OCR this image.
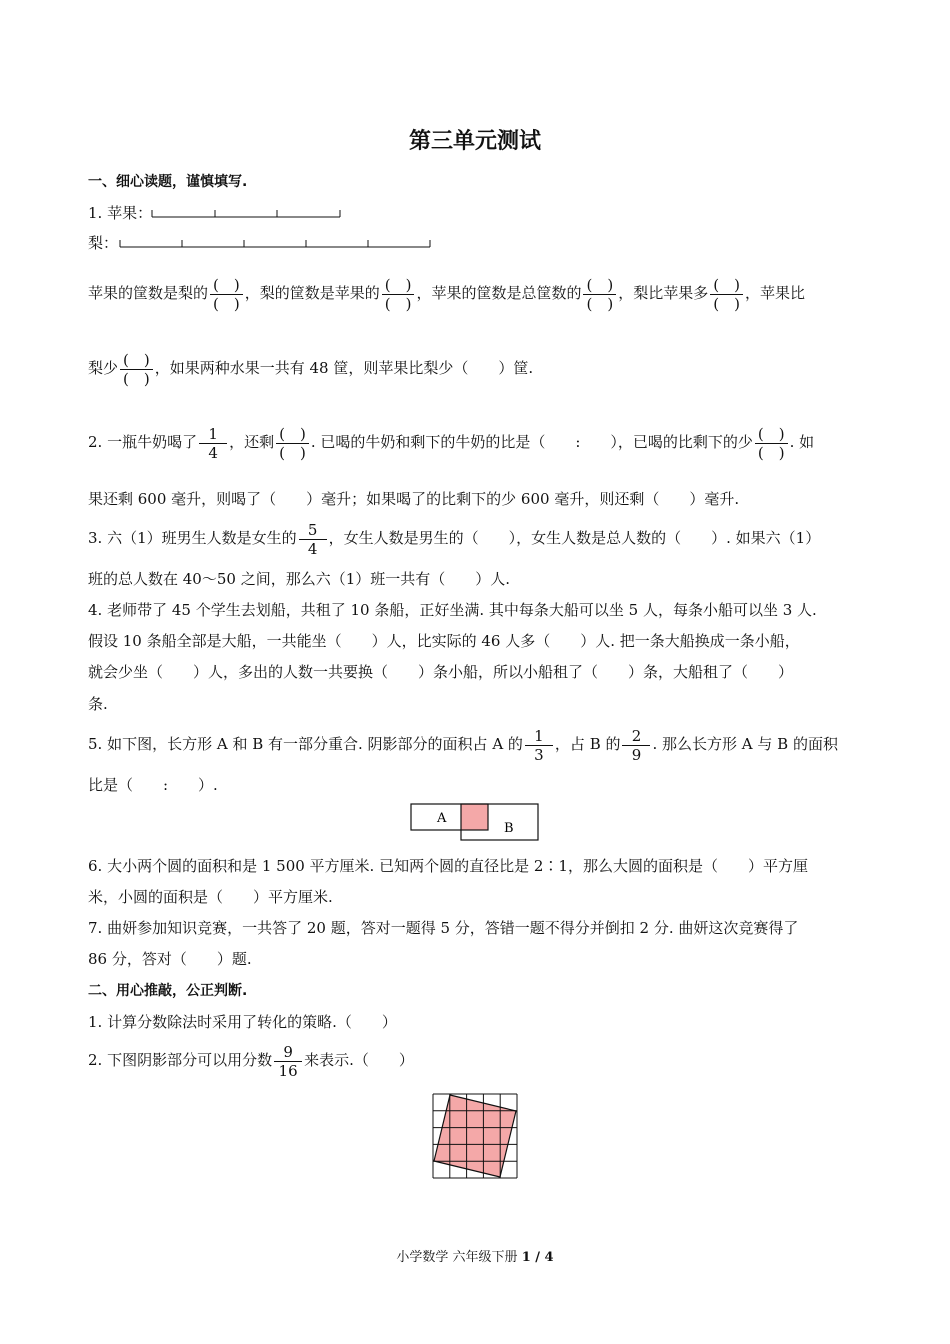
第三单元测试
一、细心读题，谨慎填写.
1. 苹果：
梨：
苹果的筐数是梨的 $\frac{( )}{( )}$ ，梨的筐数是苹果的 $\frac{( )}{( )}$ ，苹果的筐数是总筐数的 $\frac{( )}{( )}$ ，梨比苹果多 $\frac{( )}{( )}$ ，苹果比
梨少 $\frac{( )}{( )}$ ，如果两种水果一共有 48 筐，则苹果比梨少（　　）筐.
2. 一瓶牛奶喝了 $\frac{1}{4}$ ，还剩 $\frac{( )}{( )}$ . 已喝的牛奶和剩下的牛奶的比是（　　:　　），已喝的比剩下的少 $\frac{( )}{( )}$ . 如
果还剩 600 毫升，则喝了（　　）毫升；如果喝了的比剩下的少 600 毫升，则还剩（　　）毫升.
3. 六（1）班男生人数是女生的 $\frac{5}{4}$ ，女生人数是男生的（　　），女生人数是总人数的（　　）. 如果六（1）
班的总人数在 40～50 之间，那么六（1）班一共有（　　）人.
4. 老师带了 45 个学生去划船，共租了 10 条船，正好坐满. 其中每条大船可以坐 5 人，每条小船可以坐 3 人.
假设 10 条船全部是大船，一共能坐（　　）人，比实际的 46 人多（　　）人. 把一条大船换成一条小船，
就会少坐（　　）人，多出的人数一共要换（　　）条小船，所以小船租了（　　）条，大船租了（　　）
条.
5. 如下图，长方形 A 和 B 有一部分重合. 阴影部分的面积占 A 的 $\frac{1}{3}$ ，占 B 的 $\frac{2}{9}$ . 那么长方形 A 与 B 的面积
比是（　　:　　）.
A
B
6. 大小两个圆的面积和是 1 500 平方厘米. 已知两个圆的直径比是 2∶1，那么大圆的面积是（　　）平方厘
米，小圆的面积是（　　）平方厘米.
7. 曲妍参加知识竞赛，一共答了 20 题，答对一题得 5 分，答错一题不得分并倒扣 2 分. 曲妍这次竞赛得了
86 分，答对（　　）题.
二、用心推敲，公正判断.
1. 计算分数除法时采用了转化的策略.（　　）
2. 下图阴影部分可以用分数 $\frac{9}{16}$ 来表示.（　　）
小学数学 六年级下册 1 / 4
